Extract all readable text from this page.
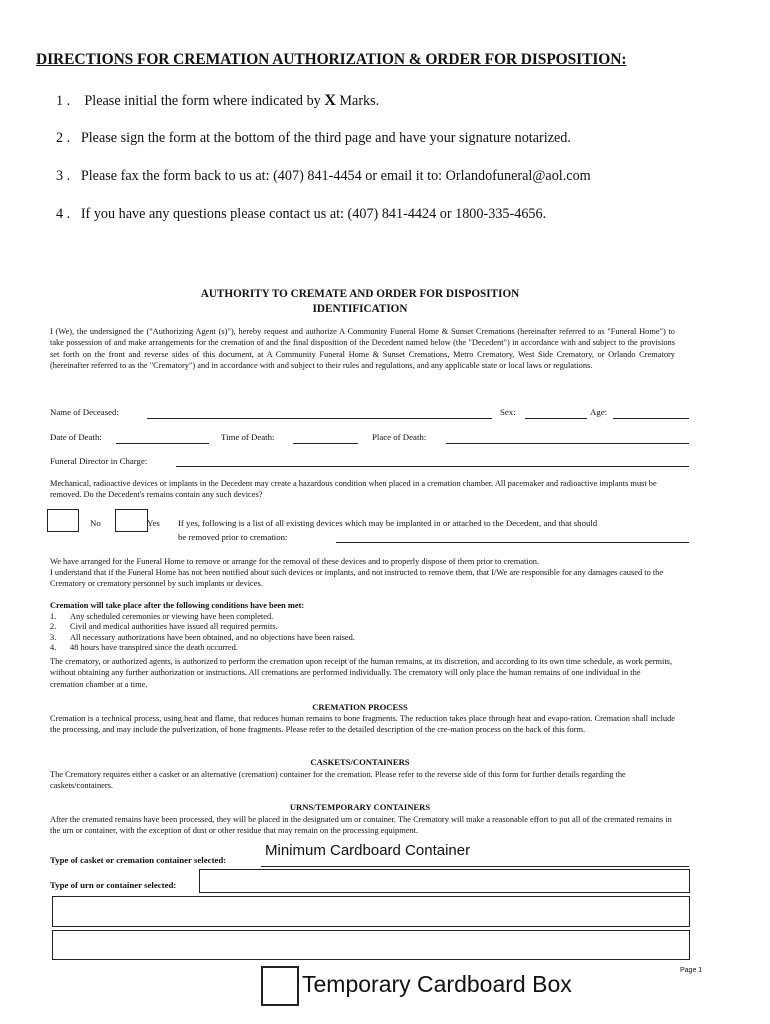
DIRECTIONS FOR CREMATION AUTHORIZATION & ORDER FOR DISPOSITION:
1 . Please initial the form where indicated by X Marks.
2 . Please sign the form at the bottom of the third page and have your signature notarized.
3 . Please fax the form back to us at: (407) 841-4454 or email it to: Orlandofuneral@aol.com
4 . If you have any questions please contact us at: (407) 841-4424 or 1800-335-4656.
AUTHORITY TO CREMATE AND ORDER FOR DISPOSITION
IDENTIFICATION
I (We), the undersigned the ("Authorizing Agent (s)"), hereby request and authorize A Community Funeral Home & Sunset Cremations (hereinafter referred to as "Funeral Home") to take possession of and make arrangements for the cremation of and the final disposition of the Decedent named below (the "Decedent") in accordance with and subject to the provisions set forth on the front and reverse sides of this document, at A Community Funeral Home & Sunset Cremations, Metro Crematory, West Side Crematory, or Orlando Crematory (hereinafter referred to as the "Crematory") and in accordance with and subject to their rules and regulations, and any applicable state or local laws or regulations.
Name of Deceased:	Sex:	Age:
Date of Death:	Time of Death:	Place of Death:
Funeral Director in Charge:
Mechanical, radioactive devices or implants in the Decedent may create a hazardous condition when placed in a cremation chamber. All pacemaker and radioactive implants must be removed. Do the Decedent's remains contain any such devices?
No	Yes If yes, following is a list of all existing devices which may be implanted in or attached to the Decedent, and that should
be removed prior to cremation:
We have arranged for the Funeral Home to remove or arrange for the removal of these devices and to properly dispose of them prior to cremation.
I understand that if the Funeral Home has not been notified about such devices or implants, and not instructed to remove them, that I/We are responsible for any damages caused to the Crematory or crematory personnel by such implants or devices.
Cremation will take place after the following conditions have been met:
1. Any scheduled ceremonies or viewing have been completed.
2. Civil and medical authorities have issued all required permits.
3. All necessary authorizations have been obtained, and no objections have been raised.
4. 48 hours have transpired since the death occurred.
The crematory, or authorized agents, is authorized to perform the cremation upon receipt of the human remains, at its discretion, and according to its own time schedule, as work permits, without obtaining any further authorization or instructions. All cremations are performed individually. The crematory will only place the human remains of one individual in the cremation chamber at a time.
CREMATION PROCESS
Cremation is a technical process, using heat and flame, that reduces human remains to bone fragments. The reduction takes place through heat and evapo-ration. Cremation shall include the processing, and may include the pulverization, of bone fragments. Please refer to the detailed description of the cre-mation process on the back of this form.
CASKETS/CONTAINERS
The Crematory requires either a casket or an alternative (cremation) container for the cremation. Please refer to the reverse side of this form for further details regarding the caskets/containers.
URNS/TEMPORARY CONTAINERS
After the cremated remains have been processed, they will be placed in the designated urn or container. The Crematory will make a reasonable effort to put all of the cremated remains in the urn or container, with the exception of dust or other residue that may remain on the processing equipment.
Type of casket or cremation container selected:
Minimum Cardboard Container
Type of urn or container selected:
Temporary Cardboard Box
Page 1
